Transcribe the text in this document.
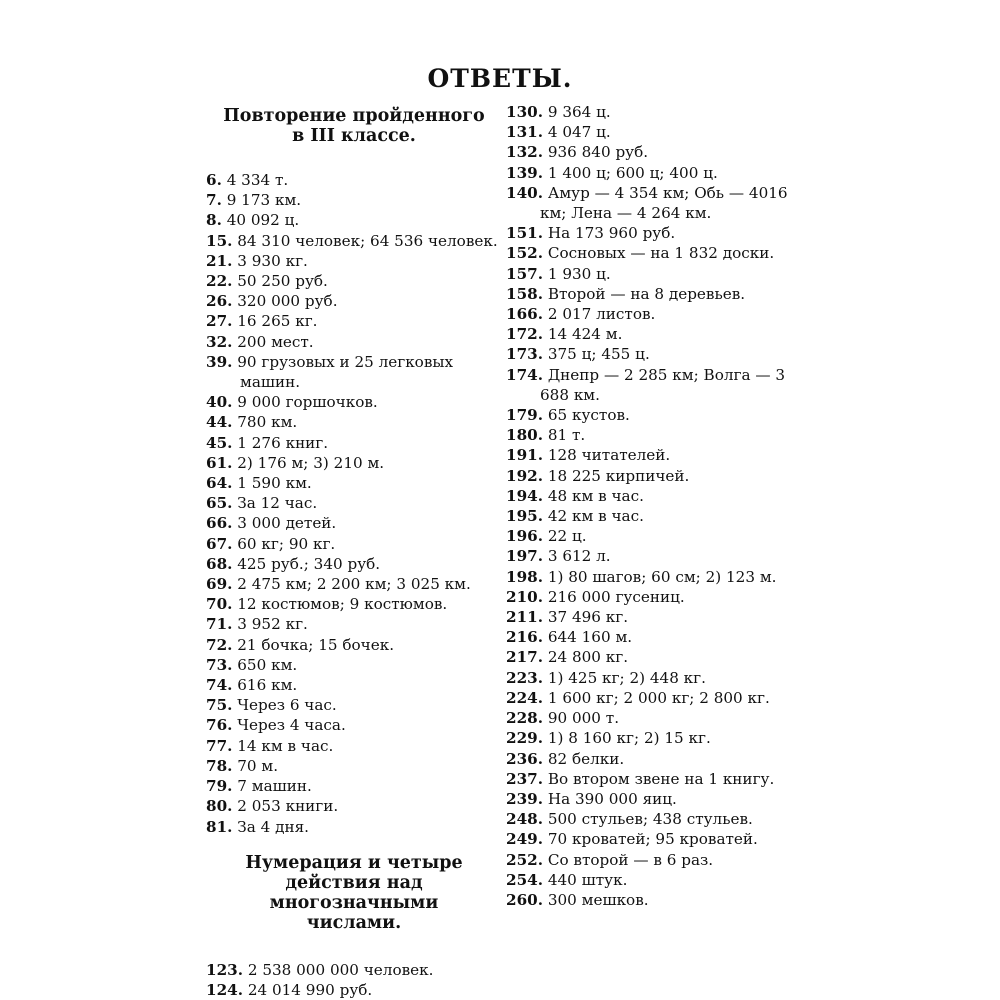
ОТВЕТЫ.
Повторение пройденного
в III классе.
6. 4 334 т.
7. 9 173 км.
8. 40 092 ц.
15. 84 310 человек; 64 536 человек.
21. 3 930 кг.
22. 50 250 руб.
26. 320 000 руб.
27. 16 265 кг.
32. 200 мест.
39. 90 грузовых и 25 легковых машин.
40. 9 000 горшочков.
44. 780 км.
45. 1 276 книг.
61. 2) 176 м; 3) 210 м.
64. 1 590 км.
65. За 12 час.
66. 3 000 детей.
67. 60 кг; 90 кг.
68. 425 руб.; 340 руб.
69. 2 475 км; 2 200 км; 3 025 км.
70. 12 костюмов; 9 костюмов.
71. 3 952 кг.
72. 21 бочка; 15 бочек.
73. 650 км.
74. 616 км.
75. Через 6 час.
76. Через 4 часа.
77. 14 км в час.
78. 70 м.
79. 7 машин.
80. 2 053 книги.
81. За 4 дня.
Нумерация и четыре
действия над многозначными
числами.
123. 2 538 000 000 человек.
124. 24 014 990 руб.
130. 9 364 ц.
131. 4 047 ц.
132. 936 840 руб.
139. 1 400 ц; 600 ц; 400 ц.
140. Амур — 4 354 км; Обь — 4016 км; Лена — 4 264 км.
151. На 173 960 руб.
152. Сосновых — на 1 832 доски.
157. 1 930 ц.
158. Второй — на 8 деревьев.
166. 2 017 листов.
172. 14 424 м.
173. 375 ц; 455 ц.
174. Днепр — 2 285 км; Волга — 3 688 км.
179. 65 кустов.
180. 81 т.
191. 128 читателей.
192. 18 225 кирпичей.
194. 48 км в час.
195. 42 км в час.
196. 22 ц.
197. 3 612 л.
198. 1) 80 шагов; 60 см; 2) 123 м.
210. 216 000 гусениц.
211. 37 496 кг.
216. 644 160 м.
217. 24 800 кг.
223. 1) 425 кг; 2) 448 кг.
224. 1 600 кг; 2 000 кг; 2 800 кг.
228. 90 000 т.
229. 1) 8 160 кг; 2) 15 кг.
236. 82 белки.
237. Во втором звене на 1 книгу.
239. На 390 000 яиц.
248. 500 стульев; 438 стульев.
249. 70 кроватей; 95 кроватей.
252. Со второй — в 6 раз.
254. 440 штук.
260. 300 мешков.
